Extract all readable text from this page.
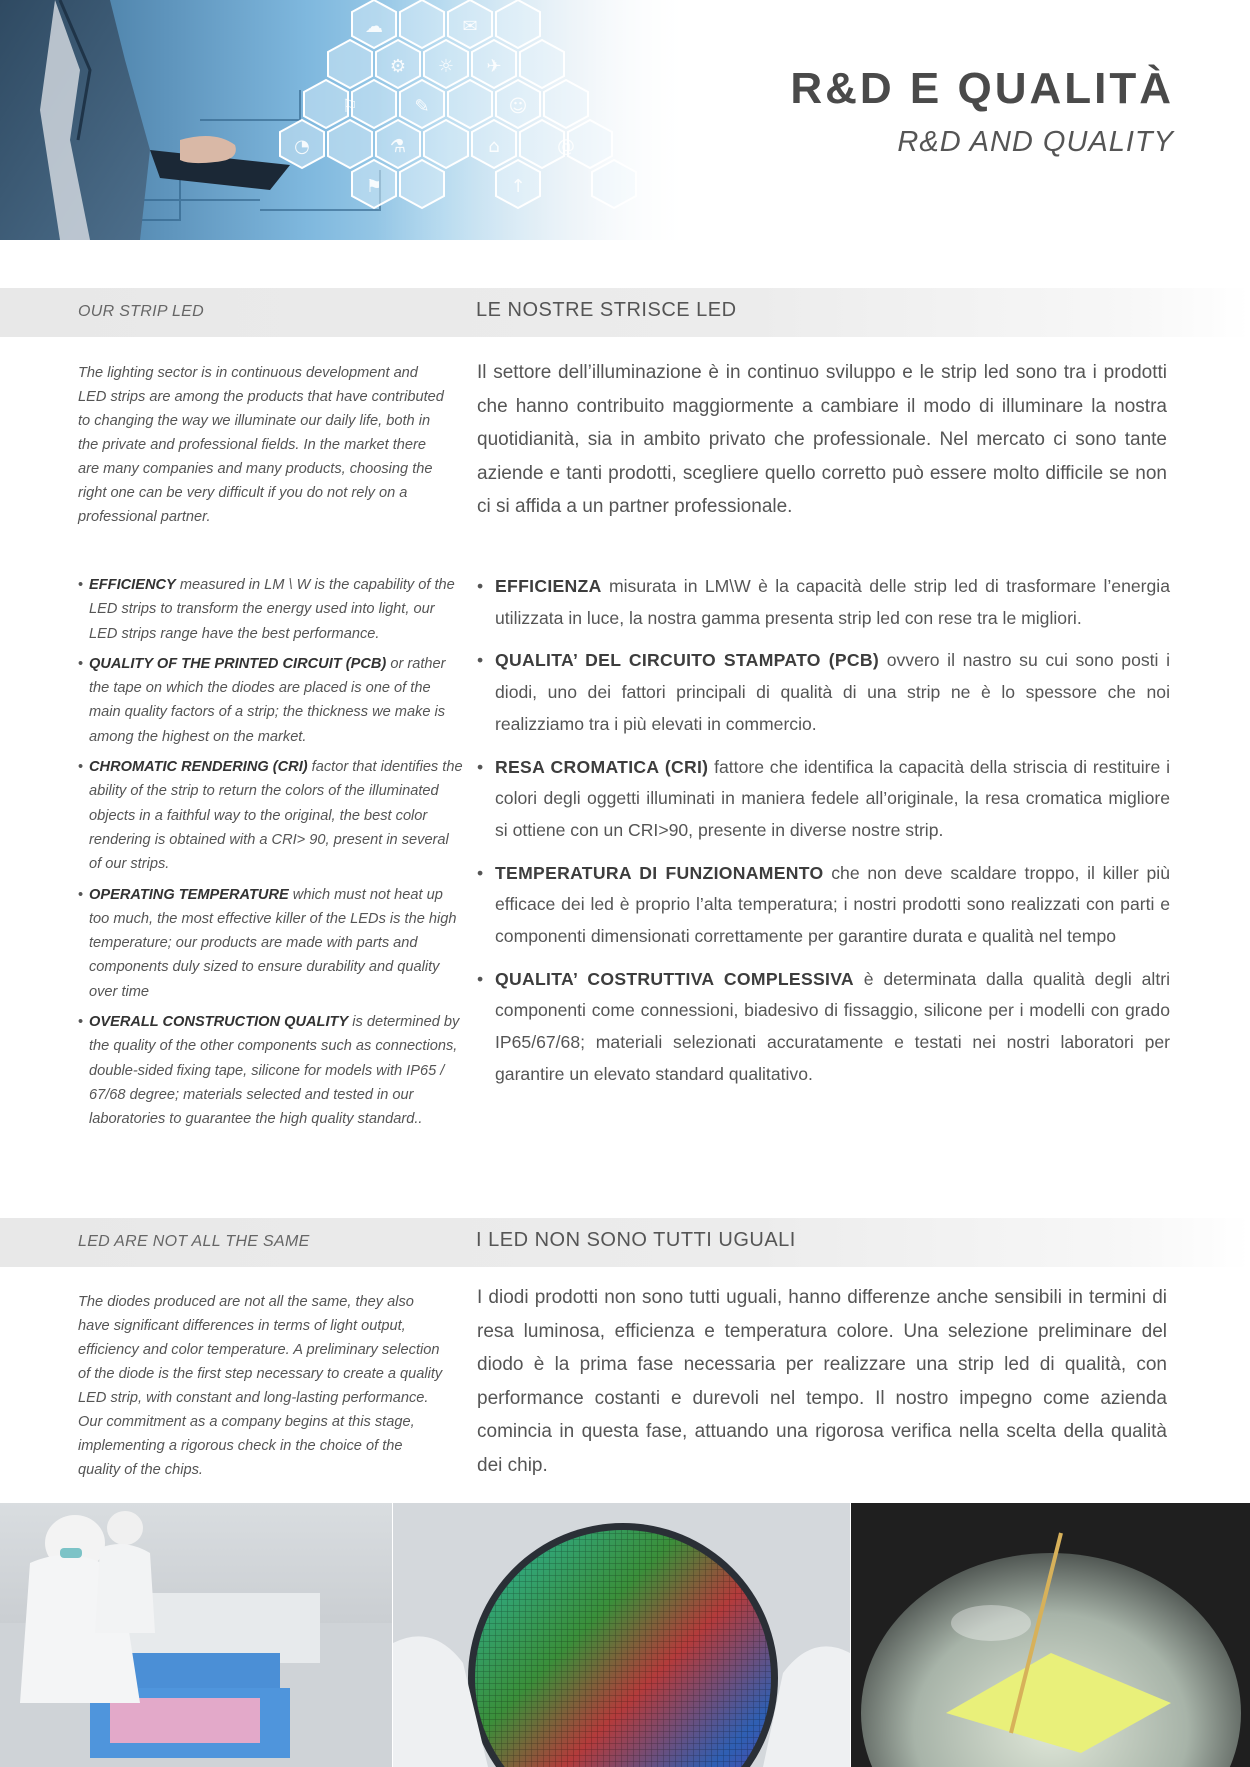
R&D E QUALITÀ
R&D AND QUALITY
OUR STRIP LED	LE NOSTRE STRISCE LED
The lighting sector is in continuous development and LED strips are among the products that have contributed to changing the way we illuminate our daily life, both in the private and professional fields. In the market there are many companies and many products, choosing the right one can be very difficult if you do not rely on a professional partner.
Il settore dell’illuminazione è in continuo sviluppo e le strip led sono tra i prodotti che hanno contribuito maggiormente a cambiare il modo di illuminare la nostra quotidianità, sia in ambito privato che professionale. Nel mercato ci sono tante aziende e tanti prodotti, scegliere quello corretto può essere molto difficile se non ci si affida a un partner professionale.
• EFFICIENCY measured in LM \ W is the capability of the LED strips to transform the energy used into light, our LED strips range have the best performance.
• QUALITY OF THE PRINTED CIRCUIT (PCB) or rather the tape on which the diodes are placed is one of the main quality factors of a strip; the thickness we make is among the highest on the market.
• CHROMATIC RENDERING (CRI) factor that identifies the ability of the strip to return the colors of the illuminated objects in a faithful way to the original, the best color rendering is obtained with a CRI> 90, present in several of our strips.
• OPERATING TEMPERATURE which must not heat up too much, the most effective killer of the LEDs is the high temperature; our products are made with parts and components duly sized to ensure durability and quality over time
• OVERALL CONSTRUCTION QUALITY is determined by the quality of the other components such as connections, double-sided fixing tape, silicone for models with IP65 / 67/68 degree; materials selected and tested in our laboratories to guarantee the high quality standard..
• EFFICIENZA misurata in LM\W è la capacità delle strip led di trasformare l’energia utilizzata in luce, la nostra gamma presenta strip led con rese tra le migliori.
• QUALITA’ DEL CIRCUITO STAMPATO (PCB) ovvero il nastro su cui sono posti i diodi, uno dei fattori principali di qualità di una strip ne è lo spessore che noi realizziamo tra i più elevati in commercio.
• RESA CROMATICA (CRI) fattore che identifica la capacità della striscia di restituire i colori degli oggetti illuminati in maniera fedele all’originale, la resa cromatica migliore si ottiene con un CRI>90, presente in diverse nostre strip.
• TEMPERATURA DI FUNZIONAMENTO che non deve scaldare troppo, il killer più efficace dei led è proprio l’alta temperatura; i nostri prodotti sono realizzati con parti e componenti dimensionati correttamente per garantire durata e qualità nel tempo
• QUALITA’ COSTRUTTIVA COMPLESSIVA è determinata dalla qualità degli altri componenti come connessioni, biadesivo di fissaggio, silicone per i modelli con grado IP65/67/68; materiali selezionati accuratamente e testati nei nostri laboratori per garantire un elevato standard qualitativo.
LED ARE NOT ALL THE SAME	I LED NON SONO TUTTI UGUALI
The diodes produced are not all the same, they also have significant differences in terms of light output, efficiency and color temperature. A preliminary selection of the diode is the first step necessary to create a quality LED strip, with constant and long-lasting performance. Our commitment as a company begins at this stage, implementing a rigorous check in the choice of the quality of the chips.
I diodi prodotti non sono tutti uguali, hanno differenze anche sensibili in termini di resa luminosa, efficienza e temperatura colore. Una selezione preliminare del diodo è la prima fase necessaria per realizzare una strip led di qualità, con performance costanti e durevoli nel tempo. Il nostro impegno come azienda comincia in questa fase, attuando una rigorosa verifica nella scelta della qualità dei chip.
